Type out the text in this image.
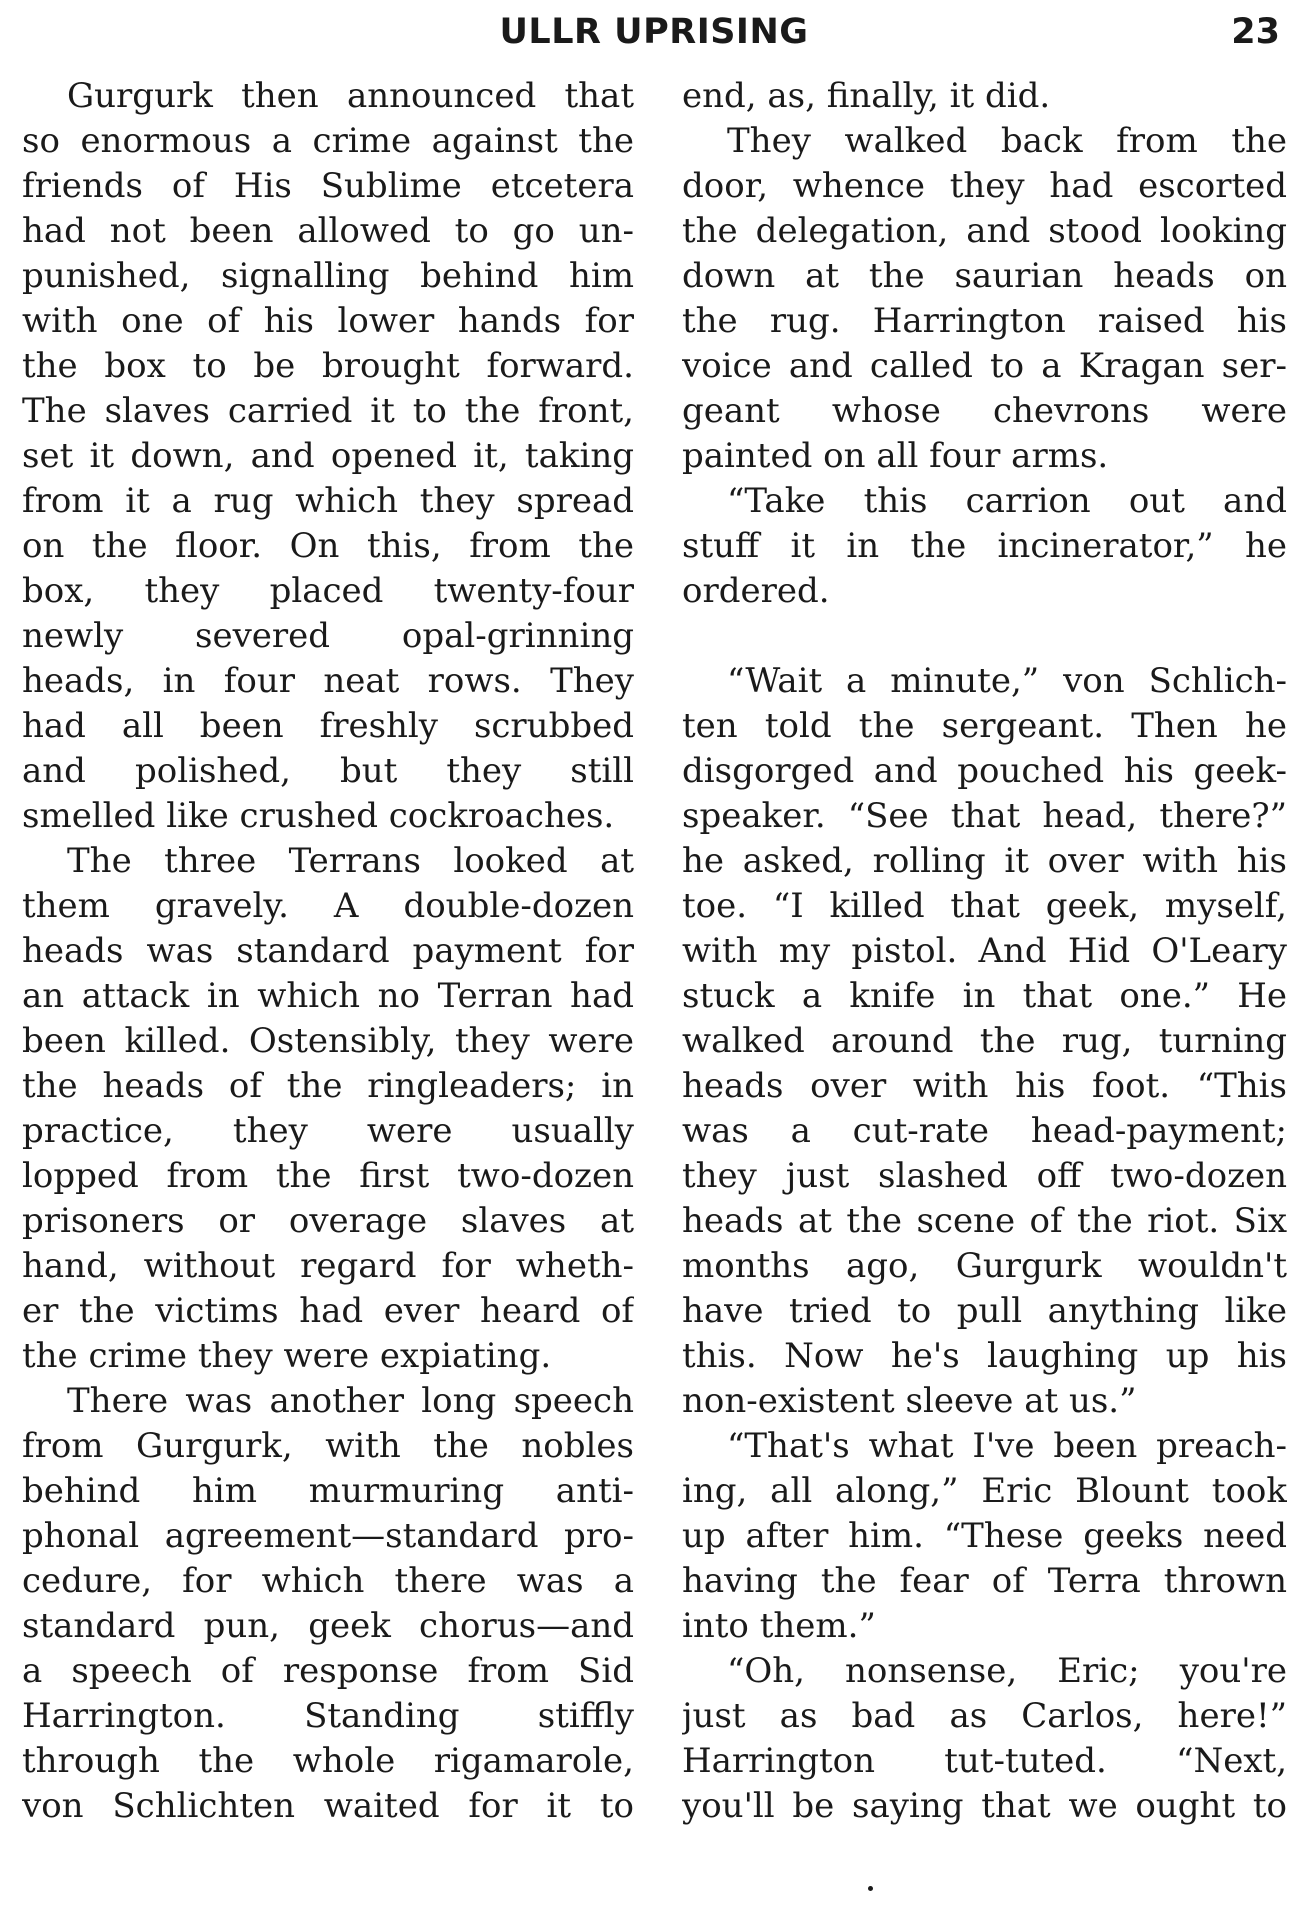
ULLR UPRISING	23
Gurgurk then announced that
so enormous a crime against the
friends of His Sublime etcetera
had not been allowed to go un-
punished, signalling behind him
with one of his lower hands for
the box to be brought forward.
The slaves carried it to the front,
set it down, and opened it, taking
from it a rug which they spread
on the floor. On this, from the
box, they placed twenty-four
newly severed opal-grinning
heads, in four neat rows. They
had all been freshly scrubbed
and polished, but they still
smelled like crushed cockroaches.
The three Terrans looked at
them gravely. A double-dozen
heads was standard payment for
an attack in which no Terran had
been killed. Ostensibly, they were
the heads of the ringleaders; in
practice, they were usually
lopped from the first two-dozen
prisoners or overage slaves at
hand, without regard for wheth-
er the victims had ever heard of
the crime they were expiating.
There was another long speech
from Gurgurk, with the nobles
behind him murmuring anti-
phonal agreement—standard pro-
cedure, for which there was a
standard pun, geek chorus—and
a speech of response from Sid
Harrington. Standing stiffly
through the whole rigamarole,
von Schlichten waited for it to
end, as, finally, it did.
They walked back from the
door, whence they had escorted
the delegation, and stood looking
down at the saurian heads on
the rug. Harrington raised his
voice and called to a Kragan ser-
geant whose chevrons were
painted on all four arms.
“Take this carrion out and
stuff it in the incinerator,” he
ordered.
“Wait a minute,” von Schlich-
ten told the sergeant. Then he
disgorged and pouched his geek-
speaker. “See that head, there?”
he asked, rolling it over with his
toe. “I killed that geek, myself,
with my pistol. And Hid O'Leary
stuck a knife in that one.” He
walked around the rug, turning
heads over with his foot. “This
was a cut-rate head-payment;
they just slashed off two-dozen
heads at the scene of the riot. Six
months ago, Gurgurk wouldn't
have tried to pull anything like
this. Now he's laughing up his
non-existent sleeve at us.”
“That's what I've been preach-
ing, all along,” Eric Blount took
up after him. “These geeks need
having the fear of Terra thrown
into them.”
“Oh, nonsense, Eric; you're
just as bad as Carlos, here!”
Harrington tut-tuted. “Next,
you'll be saying that we ought to
